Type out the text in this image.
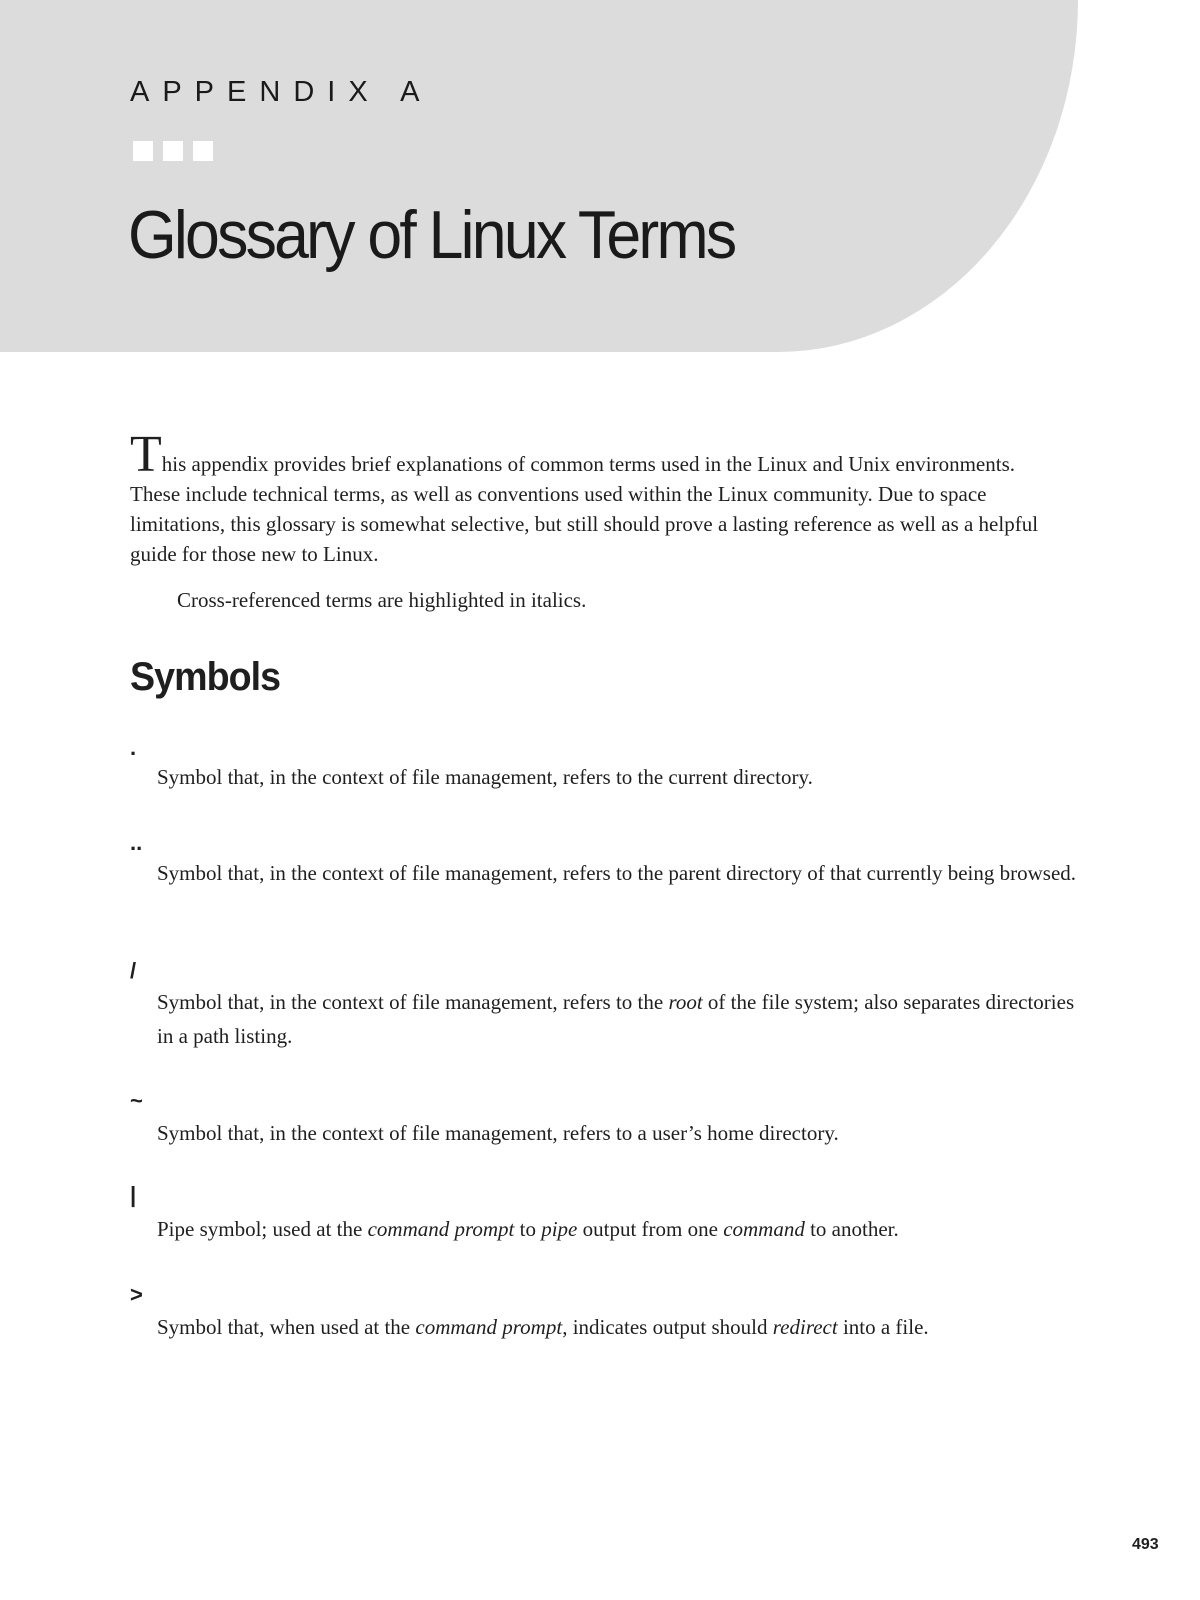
APPENDIX A
Glossary of Linux Terms

This appendix provides brief explanations of common terms used in the Linux and Unix environments. These include technical terms, as well as conventions used within the Linux community. Due to space limitations, this glossary is somewhat selective, but still should prove a lasting reference as well as a helpful guide for those new to Linux.

Cross-referenced terms are highlighted in italics.

Symbols
.

Symbol that, in the context of file management, refers to the current directory.

..

Symbol that, in the context of file management, refers to the parent directory of that currently being browsed.

/

Symbol that, in the context of file management, refers to the root of the file system; also separates directories in a path listing.

~

Symbol that, in the context of file management, refers to a user’s home directory.

|

Pipe symbol; used at the command prompt to pipe output from one command to another.

>

Symbol that, when used at the command prompt, indicates output should redirect into a file.

493
